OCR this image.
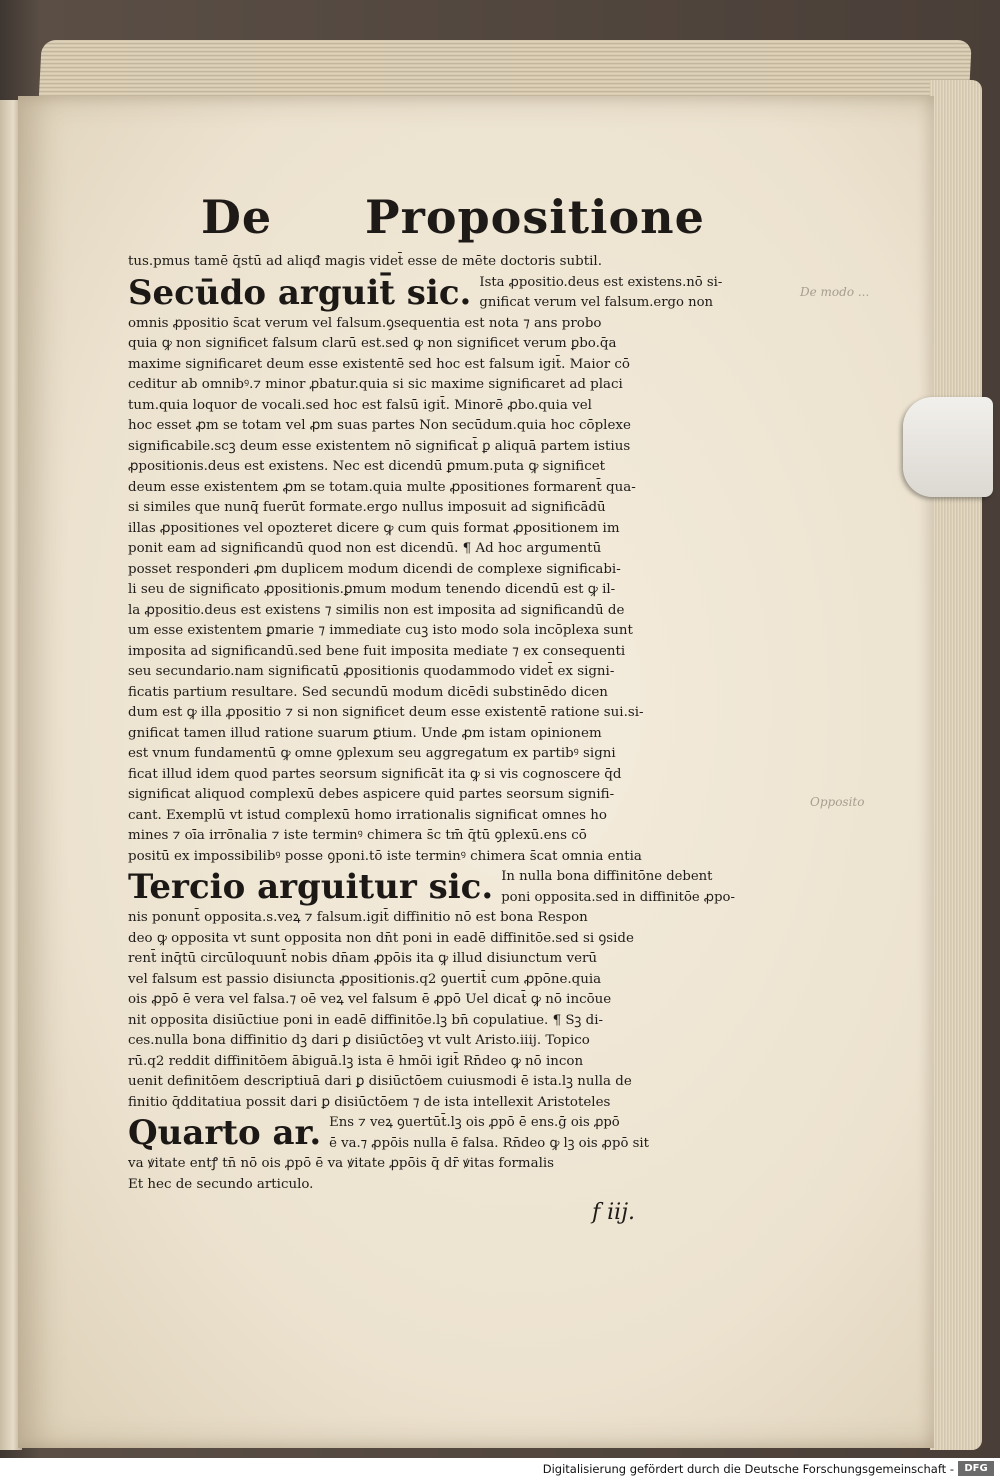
De modo ...
Opposito
De Propositione
tus.pmus tamē q̄stū ad aliqđ magis videt̄ esse de mēte doctoris subtil.
Secūdo arguit̄ sic. Ista ꝓpositio.deus est existens.nō si-
gnificat verum vel falsum.ergo non
omnis ꝓpositio s̄cat verum vel falsum.ꝯsequentia est nota ⁊ ans probo
quia ꝙ non significet falsum clarū est.sed ꝙ non significet verum ꝑbo.q̄a
maxime significaret deum esse existentē sed hoc est falsum igit̄. Maior cō
ceditur ab omnibꝰ.⁊ minor ꝓbatur.quia si sic maxime significaret ad placi
tum.quia loquor de vocali.sed hoc est falsū igit̄. Minorē ꝓbo.quia vel
hoc esset ꝓm se totam vel ꝓm suas partes Non secūdum.quia hoc cōplexe
significabile.scꝫ deum esse existentem nō significat̄ ꝑ aliquā partem istius
ꝓpositionis.deus est existens. Nec est dicendū ꝑmum.puta ꝙ significet
deum esse existentem ꝓm se totam.quia multe ꝓpositiones formarent̄ qua-
si similes que nunq̄ fuerūt formate.ergo nullus imposuit ad significādū
illas ꝓpositiones vel opozteret dicere ꝙ cum quis format ꝓpositionem im
ponit eam ad significandū quod non est dicendū. ¶ Ad hoc argumentū
posset responderi ꝓm duplicem modum dicendi de complexe significabi-
li seu de significato ꝓpositionis.ꝑmum modum tenendo dicendū est ꝙ il-
la ꝓpositio.deus est existens ⁊ similis non est imposita ad significandū de
um esse existentem ꝑmarie ⁊ immediate cuꝫ isto modo sola incōplexa sunt
imposita ad significandū.sed bene fuit imposita mediate ⁊ ex consequenti
seu secundario.nam significatū ꝓpositionis quodammodo videt̄ ex signi-
ficatis partium resultare. Sed secundū modum dicēdi substinēdo dicen
dum est ꝙ illa ꝓpositio ⁊ si non significet deum esse existentē ratione sui.si-
gnificat tamen illud ratione suarum ꝑtium. Unde ꝓm istam opinionem
est vnum fundamentū ꝙ omne ꝯplexum seu aggregatum ex partibꝰ signi
ficat illud idem quod partes seorsum significāt ita ꝙ si vis cognoscere q̄d
significat aliquod complexū debes aspicere quid partes seorsum signifi-
cant. Exemplū vt istud complexū homo irrationalis significat omnes ho
mines ⁊ oīa irrōnalia ⁊ iste terminꝰ chimera s̄c tm̄ q̄tū ꝯplexū.ens cō
positū ex impossibilibꝰ posse ꝯponi.tō iste terminꝰ chimera s̄cat omnia entia
Tercio arguitur sic. In nulla bona diffinitōne debent
poni opposita.sed in diffinitōe ꝓpo-
nis ponunt̄ opposita.s.veꝝ ⁊ falsum.igit̄ diffinitio nō est bona Respon
deo ꝙ opposita vt sunt opposita non dn̄t poni in eadē diffinitōe.sed si ꝯside
rent̄ inq̄tū circūloquunt̄ nobis dn̄am ꝓpōis ita ꝙ illud disiunctum verū
vel falsum est passio disiuncta ꝓpositionis.q2 ꝯuertit̄ cum ꝓpōne.quia
ois ꝓpō ē vera vel falsa.⁊ oē veꝝ vel falsum ē ꝓpō Uel dicat̄ ꝙ nō incōue
nit opposita disiūctiue poni in eadē diffinitōe.lꝫ bn̄ copulatiue. ¶ Sꝫ di-
ces.nulla bona diffinitio dꝫ dari ꝑ disiūctōeꝫ vt vult Aristo.iiij. Topico
rū.q2 reddit diffinitōem ābiguā.lꝫ ista ē hmōi igit̄ Rn̄deo ꝙ nō incon
uenit definitōem descriptiuā dari ꝑ disiūctōem cuiusmodi ē ista.lꝫ nulla de
finitio q̄dditatiua possit dari ꝑ disiūctōem ⁊ de ista intellexit Aristoteles
Quarto ar. Ens ⁊ veꝝ ꝯuertūt̄.lꝫ ois ꝓpō ē ens.ḡ ois ꝓpō
ē va.⁊ ꝓpōis nulla ē falsa. Rn̄deo ꝙ lꝫ ois ꝓpō sit
va ꝟitate entꝭ tn̄ nō ois ꝓpō ē va ꝟitate ꝓpōis q̄ dr̄ ꝟitas formalis
Et hec de secundo articulo.
f iij.
Digitalisierung gefördert durch die Deutsche Forschungsgemeinschaft -	DFG
